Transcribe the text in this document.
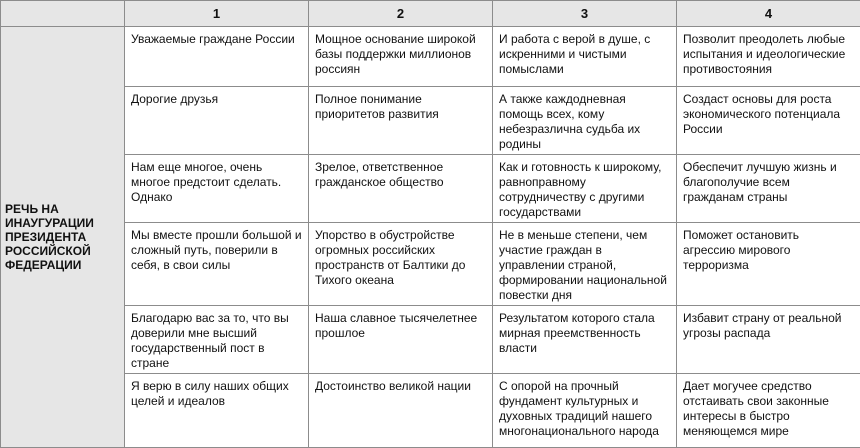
	1	2	3	4
РЕЧЬ НА ИНАУГУРАЦИИ ПРЕЗИДЕНТА РОССИЙСКОЙ ФЕДЕРАЦИИ	Уважаемые граждане России	Мощное основание широкой базы поддержки миллионов россиян	И работа с верой в душе, с искренними и чистыми помыслами	Позволит преодолеть любые испытания и идеологические противостояния
	Дорогие друзья	Полное понимание приоритетов развития	А также каждодневная помощь всех, кому небезразлична судьба их родины	Создаст основы для роста экономического потенциала России
	Нам еще многое, очень многое предстоит сделать. Однако	Зрелое, ответственное гражданское общество	Как и готовность к широкому, равноправному сотрудничеству с другими государствами	Обеспечит лучшую жизнь и благополучие всем гражданам страны
	Мы вместе прошли большой и сложный путь, поверили в себя, в свои силы	Упорство в обустройстве огромных российских пространств от Балтики до Тихого океана	Не в меньше степени, чем участие граждан в управлении страной, формировании национальной повестки дня	Поможет остановить агрессию мирового терроризма
	Благодарю вас за то, что вы доверили мне высший государственный пост в стране	Наша славное тысячелетнее прошлое	Результатом которого стала мирная преемственность власти	Избавит страну от реальной угрозы распада
	Я верю в силу наших общих целей и идеалов	Достоинство великой нации	С опорой на прочный фундамент культурных и духовных традиций нашего многонационального народа	Дает могучее средство отстаивать свои законные интересы в быстро меняющемся мире
